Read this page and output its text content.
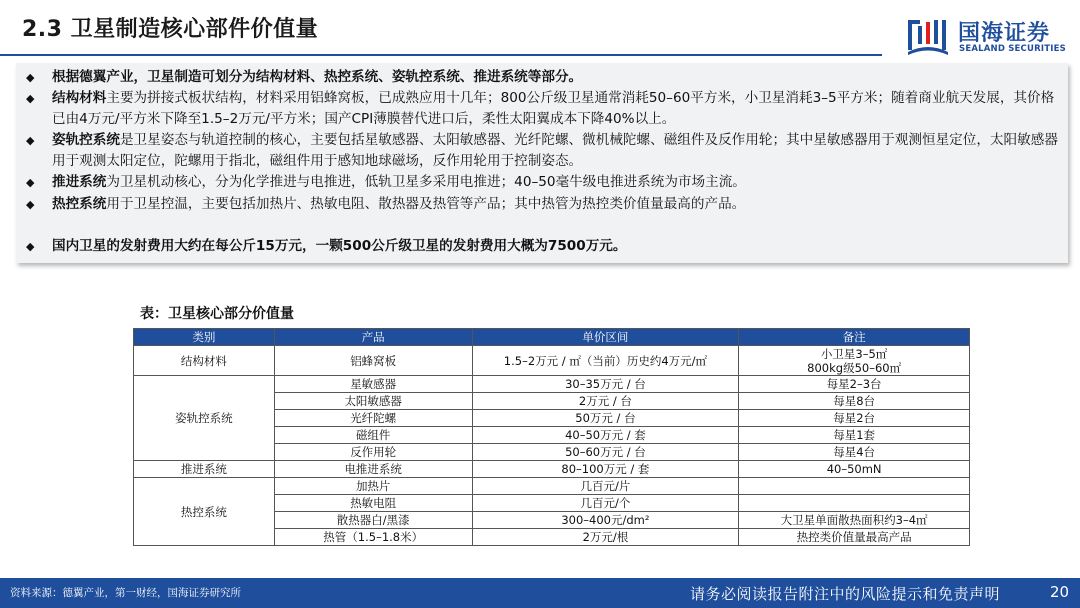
2.3 卫星制造核心部件价值量	国海证券
SEALAND SECURITIES
◆	根据德翼产业，卫星制造可划分为结构材料、热控系统、姿轨控系统、推进系统等部分。
◆	结构材料主要为拼接式板状结构，材料采用铝蜂窝板，已成熟应用十几年；800公斤级卫星通常消耗50–60平方米，小卫星消耗3–5平方米；随着商业航天发展，其价格已由4万元/平方米下降至1.5–2万元/平方米；国产CPI薄膜替代进口后，柔性太阳翼成本下降40%以上。
◆	姿轨控系统是卫星姿态与轨道控制的核心，主要包括星敏感器、太阳敏感器、光纤陀螺、微机械陀螺、磁组件及反作用轮；其中星敏感器用于观测恒星定位，太阳敏感器用于观测太阳定位，陀螺用于指北，磁组件用于感知地球磁场，反作用轮用于控制姿态。
◆	推进系统为卫星机动核心，分为化学推进与电推进，低轨卫星多采用电推进；40–50毫牛级电推进系统为市场主流。
◆	热控系统用于卫星控温，主要包括加热片、热敏电阻、散热器及热管等产品；其中热管为热控类价值量最高的产品。
◆	国内卫星的发射费用大约在每公斤15万元，一颗500公斤级卫星的发射费用大概为7500万元。
表：卫星核心部分价值量
类别	产品	单价区间	备注
结构材料	铝蜂窝板	1.5–2万元 / ㎡（当前）历史约4万元/㎡	小卫星3–5㎡
800kg级50–60㎡

姿轨控系统	星敏感器	30–35万元 / 台	每星2–3台
	太阳敏感器	2万元 / 台	每星8台
	光纤陀螺	50万元 / 台	每星2台
	磁组件	40–50万元 / 套	每星1套
	反作用轮	50–60万元 / 台	每星4台
推进系统	电推进系统	80–100万元 / 套	40–50mN
热控系统	加热片	几百元/片	
	热敏电阻	几百元/个	
	散热器白/黑漆	300–400元/dm²	大卫星单面散热面积约3–4㎡
	热管（1.5–1.8米）	2万元/根	热控类价值量最高产品
资料来源：德翼产业，第一财经，国海证券研究所	请务必阅读报告附注中的风险提示和免责声明	20
